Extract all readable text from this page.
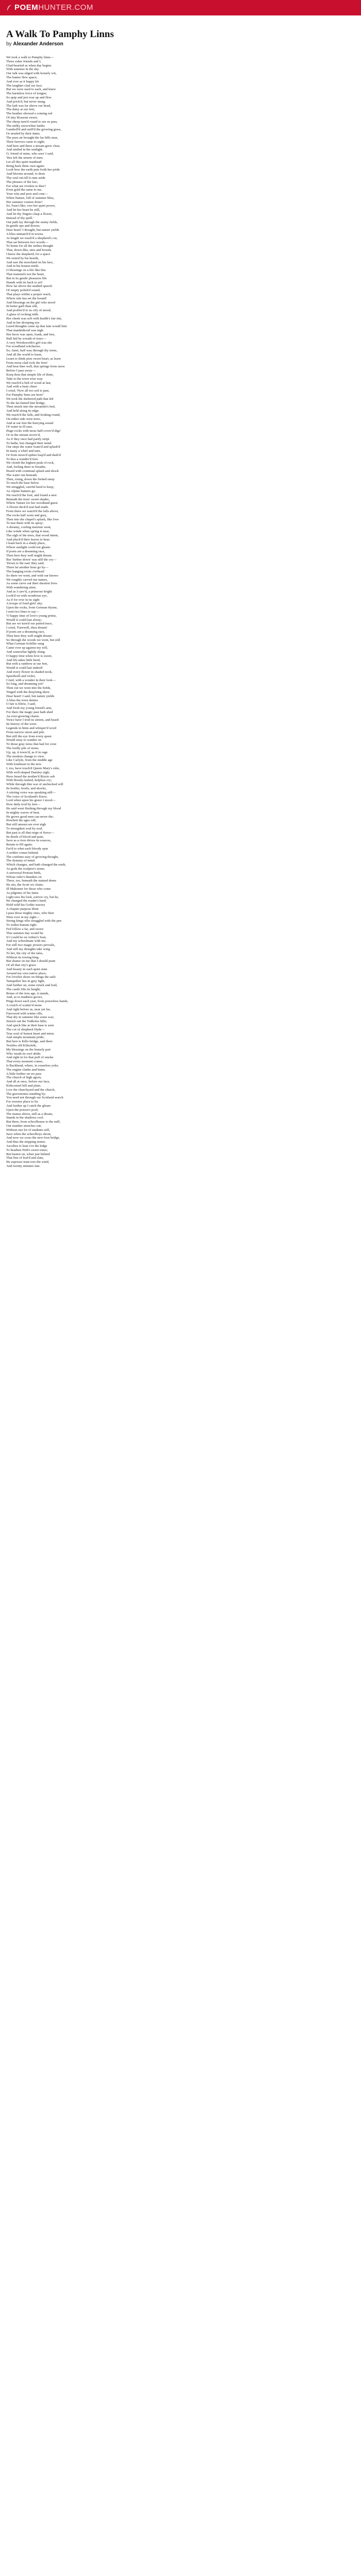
POEM HUNTER.COM
A Walk To Pamphy Linns
by Alexander Anderson
We took a walk to Pamphy linns—
Three sober friends and I,
Glad-hearted as when day begins
With summer in the sky.
Our talk was edged with homely wit,
The banter flew apace;
And ever as it happy hit
The laughter clad our face.
But we were used to each, and knew
The harmless force of tongue;
So quip and jest rose up and flew
And prick'd, but never stung.
The lark was far above our head,
The daisy at our feet,
The heather showed a coming red
Of tiny blossom sweet;
The sheep turn'd round to see us pass,
The milky snowwhite lambs
Gamboll'd and sniff'd the growing grass,
Or nestled by their dams.
The pure air brought the far hills near,
Their furrows came to sight;
And here and there a stream grew clear,
And smiled in the sunlight.
O, friend of mine, who sees' I said,
'Hes left the streets of men,
Let all this quiet manhead
Bring back thine own again:
Look how the earth puts forth her pride
And blooms around, to draw
Thy soul out till it runs aside
The phrases of the law;
For what are rivulets to thee?
Even gold the same to me.
Your wits and pros and cons—
When Nature, full of summer bliss,
Her summer vesture dons?
So, Fauci-like, owe her quiet power,
And let her heart be still,
And let thy fingers clasp a flower,
Instead of thy quill.'
Our path lay through the sunny fields,
In gentle ups and downs;
Dear heart! I thought, but nature yields
A bliss unmatch'd in towns.
At length we reach'd a shepherd's cot,
That sat between two woods—
To home for all the strikes thought
That, down-like, stirs and broods.
I knew the shepherd; for a space
We rested by his hearth,
And saw the moorland on his face,
And in his honest mirth.
O blessings on a life like this
That trammels not the heart,
But in its gentle pleasures life
Stands with its back to art!
How far above the studied speech
Of empty polish'd sound,
That plays within a proper reach,
Where rule has set the bound!
And blessings on the girl who stood
In better garb than silk,
And proffer'd to us cify of mood,
A glass of rocking milk.
Her cheek was soft with health's fair tint,
And in her drooping eye
Lured thoughts came up that fain would hint
That maidenhood was nigh.
Her brow was open, frank, and free,
Half hid by wreath of trees—
A very Wordsworth's girl was she
For woodland witcheries.
So, Janet, half way through thy teens,
And all the world to learn,
Learn to think pure sweet heart, as learn
From moss-clad rock the fern!
And bear thee well, that springs from snow
Before I pass away—
Keep thou that simple life of thine,
Take to the town wise way.
We reach'd a belt of wood at last,
And with a lusty cheer
I cried, 'Now all too soil is past,
For Pamphy linns are here!'
We took the sheltered path that led
To the far-famed linn bridge,
Then struck into the streamlet's bed,
And held along its edge.
We reach'd the falls, and looking round,
On either side were trees,
And at our feet the hurrying sound
Of water in ill ease.
Huge rocks with moss half-cover'd digs'
Or in the stream receiv'd,
As if they once had partly stript
To bathe, but changed their mind.
Our steps the water foam'd and splash'd
In many a whirl and turn,
Or from moss'd spikes leap'd and dash'd
To kiss a wander'd fern.
We clomb the highest peak of rock,
And, feeling there to breathe,
Heard with continual splash and shock
The water run beneath.
Then, rising, down the fretted steep
To reach the base below
We struggled, careful heed to keep,
As Alpine hunters go.
We reach'd the foot, and found a nest
Beneath the trees' sweet shades,
Where Nature for her woodland guest
A flower-deck'd seat had made.
From there we watch'd the falls above,
The rocks half worn and grey,
Then into the chapel's splash, like love
To tear them with its spray;
A dreamy, cooling murmur went,
Like winds when spring is near,
The sigh of the trees, that wood intent,
And pluck'd their leaves to hear.
I leant back in a shady place,
Where sunlight could not gleam:
If poets are a dreaming race,
Then here they well might dream.
But 'further down' was still the cry—
'Down to the east' they said;
There let another hour go by—
The hanging rocks o'erhead.'
So there we went, and with our knows
We roughly carved our names,
As some carve out their shortest lives
With wandering aims;
And as I carv'd, a primrose bright
Look'd on with wondrous eye,
As if for ever in its sight
A troupe of fond girls' sky;
Upon the rocks, from German rhyme,
I sent two lines to say—
'O happy time of love's young prime,
Would it could last alway;
But are we turn'd our parted trace,
I cried, 'Farewell, thou dream!
If poets are a dreaming race,
Then here they well might dream.'
So through the woods we went, but still
What German Schiller sung
Came over up against my will,
And somewhat lightly slung.
O happy time when love is sweet,
And life takes little heed,
But with a rainbow at our feet,
Would it could last indeed!
And every flower in shaded nook,
Speedwell and violet,
Cried, with a wonder in their look—
So long, and dreaming yet?
Then out we went into the fields,
Tinged with the deep'ning skies:
Dear heart! I said, but nature yields
A bliss the town denies.
O fair is Eltrie, I said,
And fresh my young friend's arm,
For there the magic past hath shed
An ever-growing charm.
Twice have I trod its streets, and heard
Its history of the wrist.
Legends in hints and whisper'd word
From narrow street and pile.
But still the eye from every quest
Would stray to wander on
To those gray noiss that had for crest
The lordly pile of stone;
Up, up, it tower'd, as if in rage
The modern change to view
Like Carlyle, from the middle age
With loneheart in the new
I, too, have touch'd Queen Mary's robe,
With well-shaped Darnley nigh;
Have heard the mother'd Rizzio sob
With bloody-lashed, helpless cry;
While through thin war of unchecked will
Its bottles, broils, and shocks,
A stirring voice was speaking still—
The voice of Scotland's Knox;
Lord when upon his grave I stood—
How daily trod by feet—
He said went fleshing through my blood
In mighty waves of heat.
He grows good men can never die;
Howbeit the ages roll;
But still unseen are ever nigh
To strengthen soul by soul.
But past is all that reign of fierce—
Its deeds of blood and pain,
Save as a river drives its sources,
Retain to fill again;
Far'd to whet each bloody spur
A nobler comes behind;
The confines easy of growing thought,
The dynasty of mind.
Which changes, and hath changed the earth,
As gods the sculptor's stone;
A universal Protean birth,
Whose ruler's thunders on
There, too, beneath the statued dome
He sits, the Scott we claim;
Ill Mahomet for those who come
As pilgrims of his fame.
Light sees his look, sorrow cry, but he,
He changed the reader's bard;
Hold wild his Gothic tracery
A chapter purpose blent
I pass those mighty ones, who then
Were ever in my sight—
Strong kings who struggled with the pen
To widen human right.
Fed follow a far, and swore
This summer day would be
If I could be on Arthur's Seat,
And my schoolmate with me.
For still two magic powers prevails,
And still my thoughts take wing
To her, the city of the tales,
Without its towing king.
But shame on me that I should prate
Of all that city's grace
And beauty in such quiet state
Around my own native place;
For lovelier shore on things the sails
Tamquilier lies in grey light,
And further on, some struck and frail,
The castle lifts its height;
Bones of the iron age, it stands,
And, as to madness grows,
Pings down each year, from powerless hands,
A crutch of scatter'd stone.
And right before us, near yet far,
Furrowed with winter rills,
That dry in summer like some scar,
Stretch out the Todholes hills;
And speck like at their base is seen
The cot of shepherd Dyde—
True soul of honest heart and mien;
And simple mountain pride;
But here is Killo bridge, and there
Textiles old Kilncleik;
My blessings on the homely pair
Who 'neath its roof abide.
And right in for that puff of smoke
That every moment comes,
Is Backhead, where, in ceaseless yoke,
The engine clanks and hums.
A little further on we pass
The church of high agorn,
And all at once, before our face,
Kirkconnel hill and plain.
Low the churchyard and the church,
The gravestones standing by;
You need not through our Scotland search
For sweeter place to lie.
And further up I catch the gleam
Upon the poison's pool;
The manse above, still as a dream,
Stands in the shadows cool.
But there, from schoolhouse to the mill,
Our number stretches out;
Without one lot of students still,
Save when the schoolboys shout,
And now we cross the new-foot bridge,
And thus the stepping stones
Ascribes to lean o'er the ledge
To hearken Nith's sweet tones;
But hasten on, when just behind
That line of leaf'd and slats,
He espresso train tore the wind,
And twenty minutes late.
